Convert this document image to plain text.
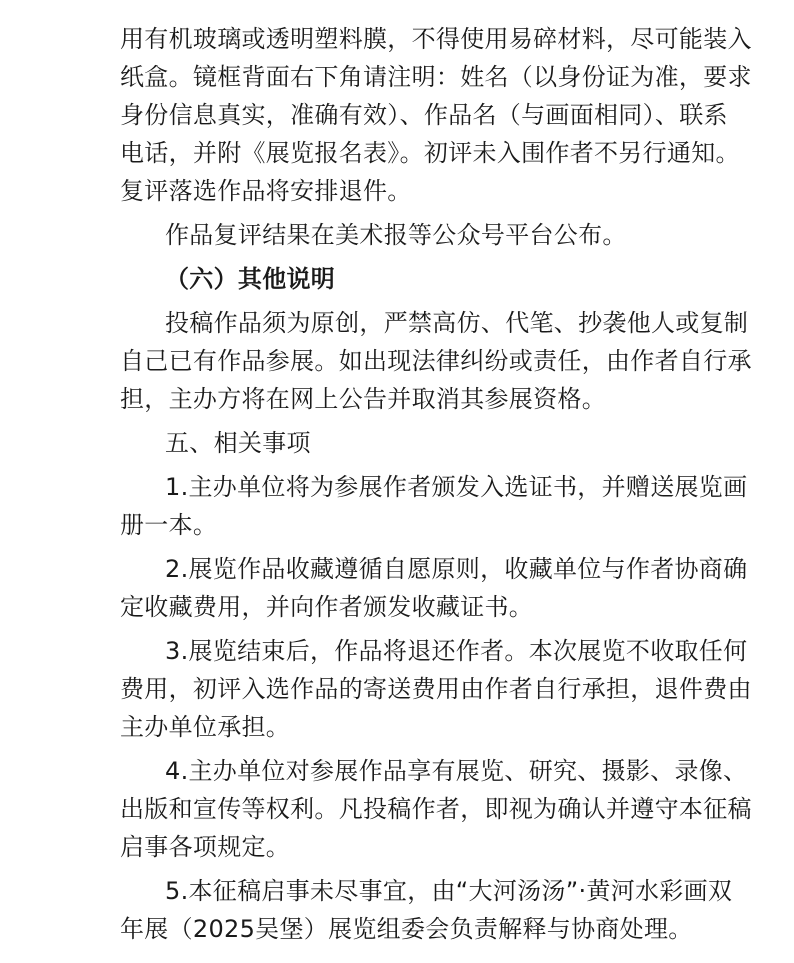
用有机玻璃或透明塑料膜，不得使用易碎材料，尽可能装入
纸盒。镜框背面右下角请注明：姓名（以身份证为准，要求
身份信息真实，准确有效）、作品名（与画面相同）、联系
电话，并附《展览报名表》。初评未入围作者不另行通知。
复评落选作品将安排退件。
作品复评结果在美术报等公众号平台公布。
（六）其他说明
投稿作品须为原创，严禁高仿、代笔、抄袭他人或复制
自己已有作品参展。如出现法律纠纷或责任，由作者自行承
担，主办方将在网上公告并取消其参展资格。
五、相关事项
1.主办单位将为参展作者颁发入选证书，并赠送展览画
册一本。
2.展览作品收藏遵循自愿原则，收藏单位与作者协商确
定收藏费用，并向作者颁发收藏证书。
3.展览结束后，作品将退还作者。本次展览不收取任何
费用，初评入选作品的寄送费用由作者自行承担，退件费由
主办单位承担。
4.主办单位对参展作品享有展览、研究、摄影、录像、
出版和宣传等权利。凡投稿作者，即视为确认并遵守本征稿
启事各项规定。
5.本征稿启事未尽事宜，由“大河汤汤”·黄河水彩画双
年展（2025吴堡）展览组委会负责解释与协商处理。
